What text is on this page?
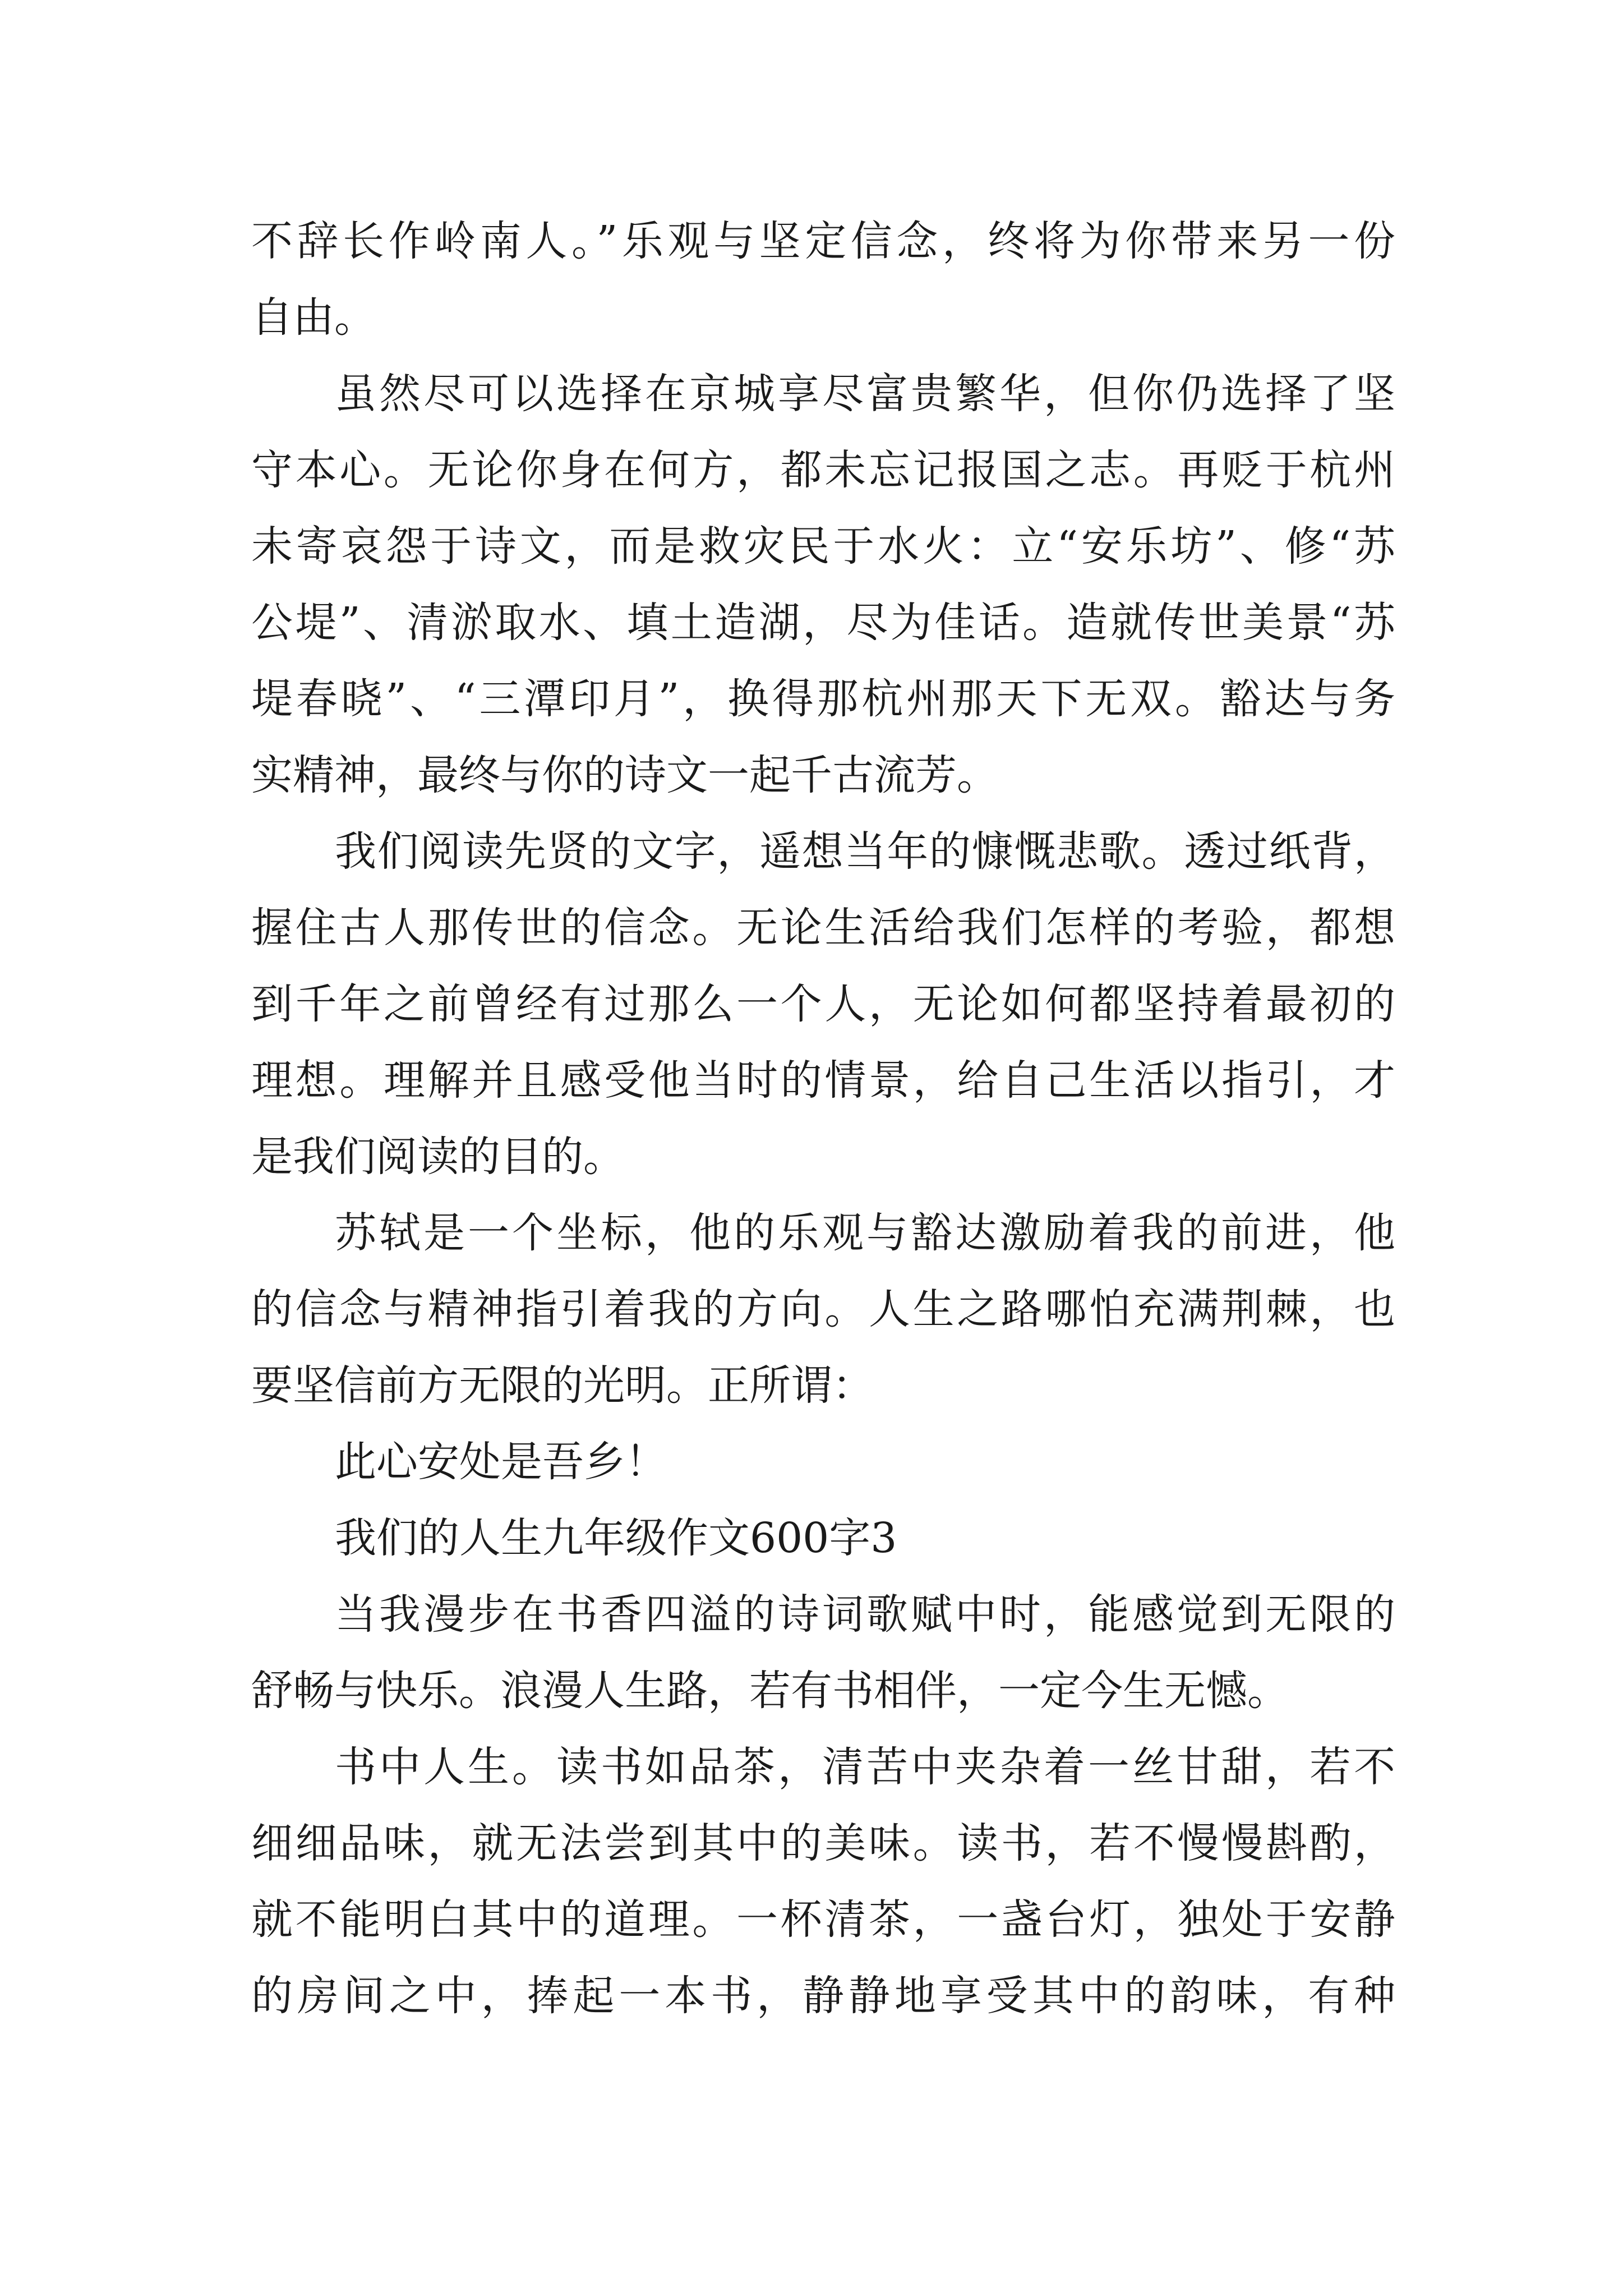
不辞长作岭南人。”乐观与坚定信念，终将为你带来另一份
自由。
虽然尽可以选择在京城享尽富贵繁华，但你仍选择了坚
守本心。无论你身在何方，都未忘记报国之志。再贬于杭州
未寄哀怨于诗文，而是救灾民于水火：立“安乐坊”、修“苏
公堤”、清淤取水、填土造湖，尽为佳话。造就传世美景“苏
堤春晓”、“三潭印月”，换得那杭州那天下无双。豁达与务
实精神，最终与你的诗文一起千古流芳。
我们阅读先贤的文字，遥想当年的慷慨悲歌。透过纸背，
握住古人那传世的信念。无论生活给我们怎样的考验，都想
到千年之前曾经有过那么一个人，无论如何都坚持着最初的
理想。理解并且感受他当时的情景，给自己生活以指引，才
是我们阅读的目的。
苏轼是一个坐标，他的乐观与豁达激励着我的前进，他
的信念与精神指引着我的方向。人生之路哪怕充满荆棘，也
要坚信前方无限的光明。正所谓：
此心安处是吾乡！
我们的人生九年级作文600字3
当我漫步在书香四溢的诗词歌赋中时，能感觉到无限的
舒畅与快乐。浪漫人生路，若有书相伴，一定今生无憾。
书中人生。读书如品茶，清苦中夹杂着一丝甘甜，若不
细细品味，就无法尝到其中的美味。读书，若不慢慢斟酌，
就不能明白其中的道理。一杯清茶，一盏台灯，独处于安静
的房间之中，捧起一本书，静静地享受其中的韵味，有种
